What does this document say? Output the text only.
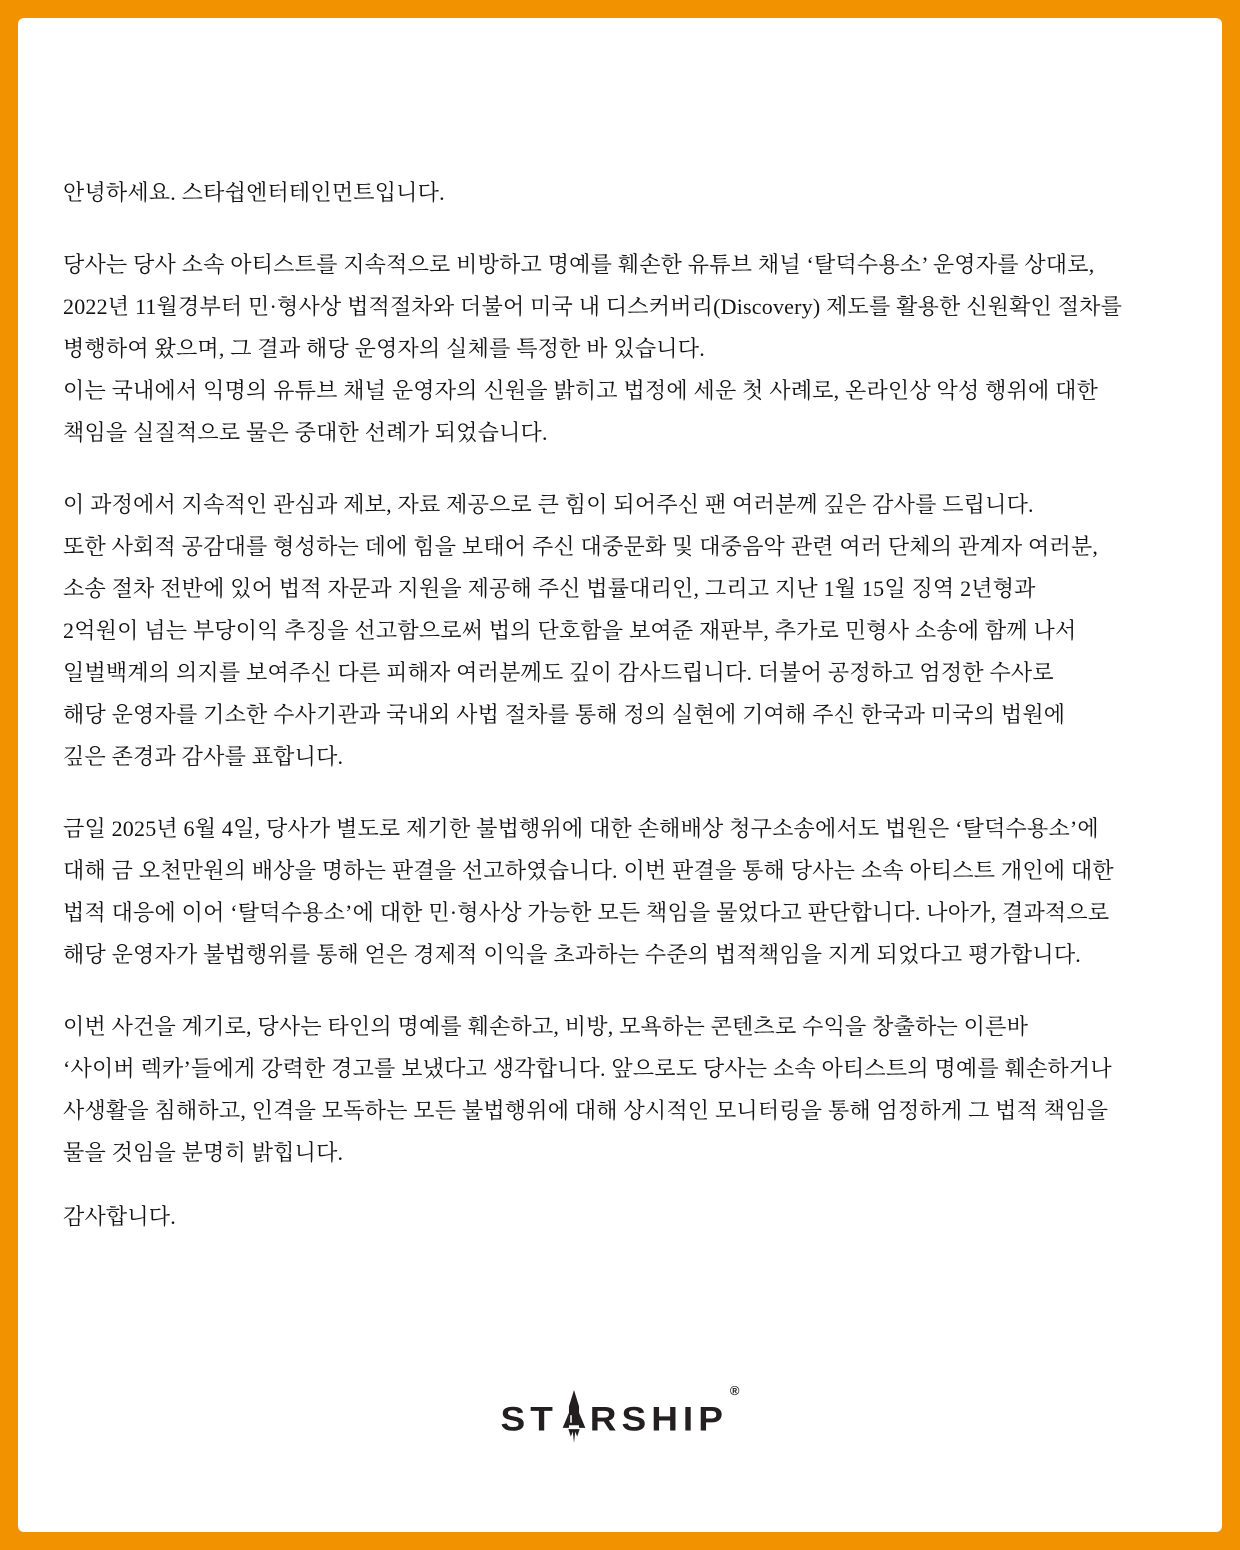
안녕하세요. 스타쉽엔터테인먼트입니다.

당사는 당사 소속 아티스트를 지속적으로 비방하고 명예를 훼손한 유튜브 채널 ‘탈덕수용소’ 운영자를 상대로,
2022년 11월경부터 민·형사상 법적절차와 더불어 미국 내 디스커버리(Discovery) 제도를 활용한 신원확인 절차를
병행하여 왔으며, 그 결과 해당 운영자의 실체를 특정한 바 있습니다.
이는 국내에서 익명의 유튜브 채널 운영자의 신원을 밝히고 법정에 세운 첫 사례로, 온라인상 악성 행위에 대한
책임을 실질적으로 물은 중대한 선례가 되었습니다.

이 과정에서 지속적인 관심과 제보, 자료 제공으로 큰 힘이 되어주신 팬 여러분께 깊은 감사를 드립니다.
또한 사회적 공감대를 형성하는 데에 힘을 보태어 주신 대중문화 및 대중음악 관련 여러 단체의 관계자 여러분,
소송 절차 전반에 있어 법적 자문과 지원을 제공해 주신 법률대리인, 그리고 지난 1월 15일 징역 2년형과
2억원이 넘는 부당이익 추징을 선고함으로써 법의 단호함을 보여준 재판부, 추가로 민형사 소송에 함께 나서
일벌백계의 의지를 보여주신 다른 피해자 여러분께도 깊이 감사드립니다. 더불어 공정하고 엄정한 수사로
해당 운영자를 기소한 수사기관과 국내외 사법 절차를 통해 정의 실현에 기여해 주신 한국과 미국의 법원에
깊은 존경과 감사를 표합니다.

금일 2025년 6월 4일, 당사가 별도로 제기한 불법행위에 대한 손해배상 청구소송에서도 법원은 ‘탈덕수용소’에
대해 금 오천만원의 배상을 명하는 판결을 선고하였습니다. 이번 판결을 통해 당사는 소속 아티스트 개인에 대한
법적 대응에 이어 ‘탈덕수용소’에 대한 민·형사상 가능한 모든 책임을 물었다고 판단합니다. 나아가, 결과적으로
해당 운영자가 불법행위를 통해 얻은 경제적 이익을 초과하는 수준의 법적책임을 지게 되었다고 평가합니다.

이번 사건을 계기로, 당사는 타인의 명예를 훼손하고, 비방, 모욕하는 콘텐츠로 수익을 창출하는 이른바
‘사이버 렉카’들에게 강력한 경고를 보냈다고 생각합니다. 앞으로도 당사는 소속 아티스트의 명예를 훼손하거나
사생활을 침해하고, 인격을 모독하는 모든 불법행위에 대해 상시적인 모니터링을 통해 엄정하게 그 법적 책임을
물을 것임을 분명히 밝힙니다.

감사합니다.

ST RSHIP
®
